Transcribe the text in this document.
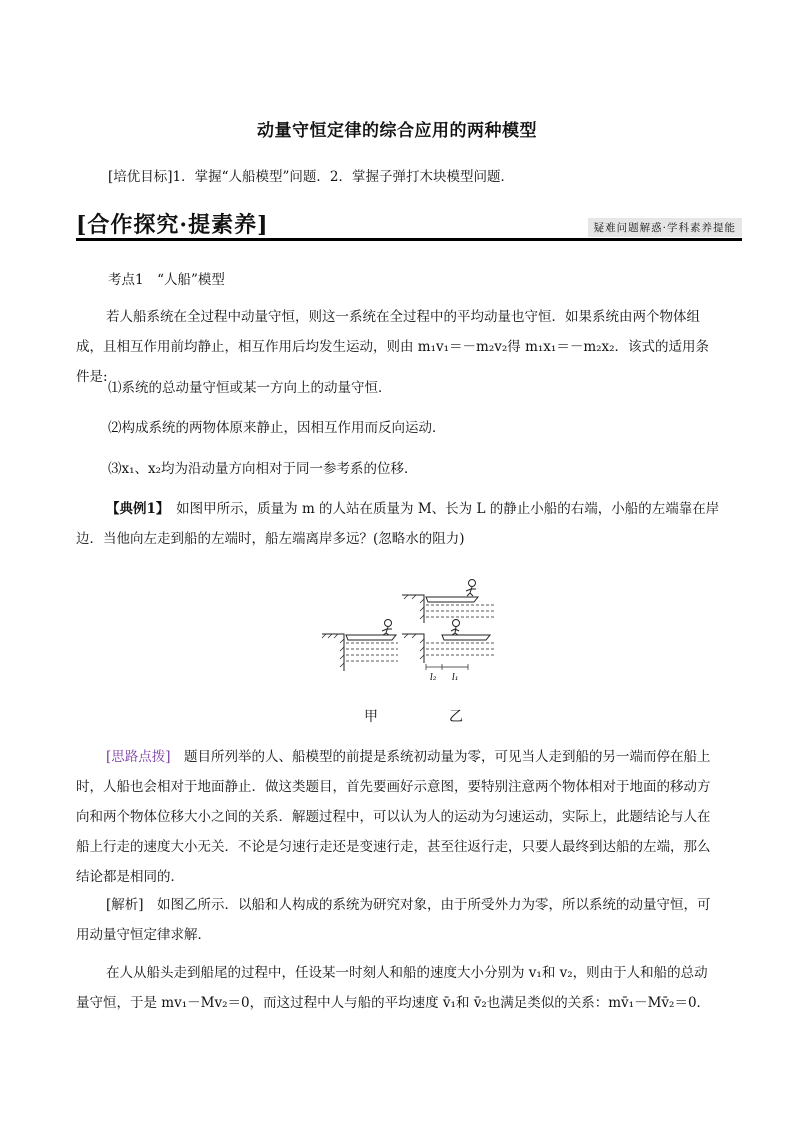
动量守恒定律的综合应用的两种模型
[培优目标]1．掌握“人船模型”问题．2．掌握子弹打木块模型问题．
[合作探究·提素养]	疑难问题解惑·学科素养提能
考点1　“人船”模型
若人船系统在全过程中动量守恒，则这一系统在全过程中的平均动量也守恒．如果系统由两个物体组成，且相互作用前均静止，相互作用后均发生运动，则由 m₁v₁＝－m₂v₂得 m₁x₁＝－m₂x₂．该式的适用条件是:
⑴系统的总动量守恒或某一方向上的动量守恒．
⑵构成系统的两物体原来静止，因相互作用而反向运动．
⑶x₁、x₂均为沿动量方向相对于同一参考系的位移．
【典例1】　如图甲所示，质量为 m 的人站在质量为 M、长为 L 的静止小船的右端，小船的左端靠在岸边．当他向左走到船的左端时，船左端离岸多远？(忽略水的阻力)
l₂ l₁
甲	乙
[思路点拨]　题目所列举的人、船模型的前提是系统初动量为零，可见当人走到船的另一端而停在船上时，人船也会相对于地面静止．做这类题目，首先要画好示意图，要特别注意两个物体相对于地面的移动方向和两个物体位移大小之间的关系．解题过程中，可以认为人的运动为匀速运动，实际上，此题结论与人在船上行走的速度大小无关．不论是匀速行走还是变速行走，甚至往返行走，只要人最终到达船的左端，那么结论都是相同的．
[解析]　如图乙所示．以船和人构成的系统为研究对象，由于所受外力为零，所以系统的动量守恒，可用动量守恒定律求解．
在人从船头走到船尾的过程中，任设某一时刻人和船的速度大小分别为 v₁和 v₂，则由于人和船的总动量守恒，于是 mv₁－Mv₂＝0，而这过程中人与船的平均速度 v̄₁和 v̄₂也满足类似的关系：mv̄₁－Mv̄₂＝0．
